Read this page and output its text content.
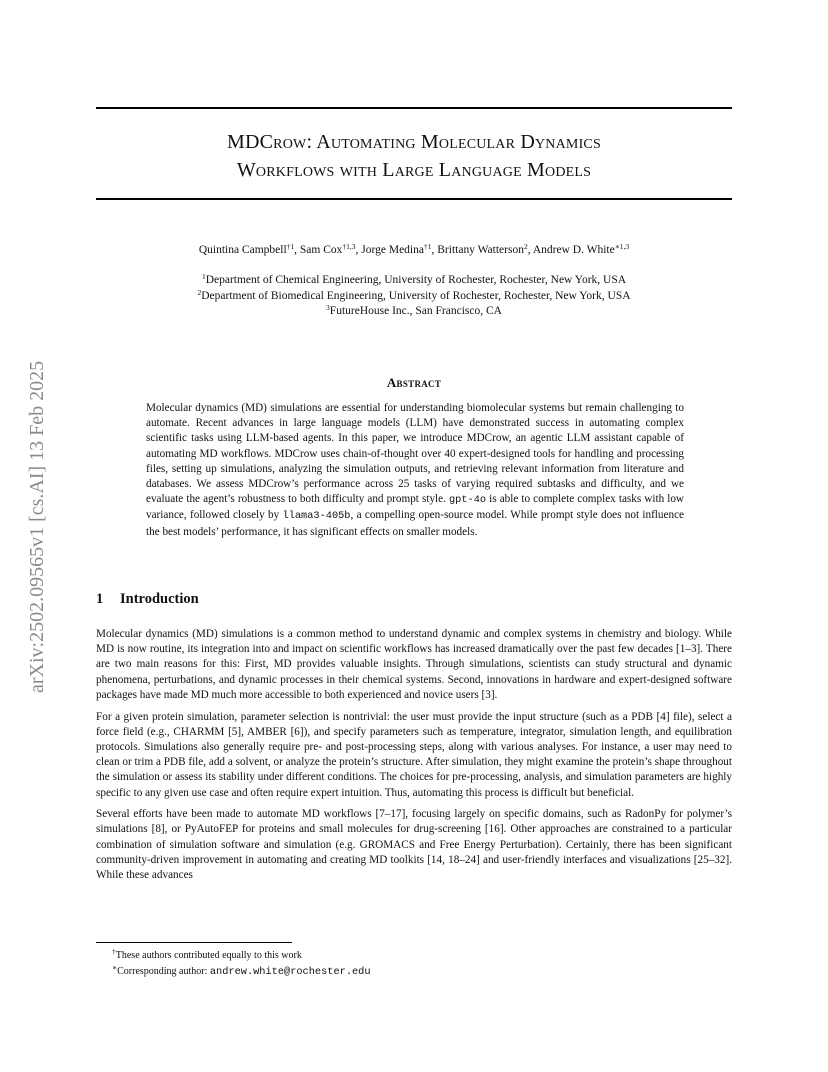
arXiv:2502.09565v1 [cs.AI] 13 Feb 2025
MDCrow: Automating Molecular Dynamics
Workflows with Large Language Models
Quintina Campbell$^{\dagger 1}$, Sam Cox$^{\dagger 1,3}$, Jorge Medina$^{\dagger 1}$, Brittany Watterson$^2$, Andrew D. White$^{∗1,3}$
$^1$Department of Chemical Engineering, University of Rochester, Rochester, New York, USA
$^2$Department of Biomedical Engineering, University of Rochester, Rochester, New York, USA
$^3$FutureHouse Inc., San Francisco, CA
Abstract
Molecular dynamics (MD) simulations are essential for understanding biomolecular systems but remain challenging to automate. Recent advances in large language models (LLM) have demonstrated success in automating complex scientific tasks using LLM-based agents. In this paper, we introduce MDCrow, an agentic LLM assistant capable of automating MD workflows. MDCrow uses chain-of-thought over 40 expert-designed tools for handling and processing files, setting up simulations, analyzing the simulation outputs, and retrieving relevant information from literature and databases. We assess MDCrow’s performance across 25 tasks of varying required subtasks and difficulty, and we evaluate the agent’s robustness to both difficulty and prompt style. gpt-4o is able to complete complex tasks with low variance, followed closely by llama3-405b, a compelling open-source model. While prompt style does not influence the best models’ performance, it has significant effects on smaller models.
1 Introduction

Molecular dynamics (MD) simulations is a common method to understand dynamic and complex systems in chemistry and biology. While MD is now routine, its integration into and impact on scientific workflows has increased dramatically over the past few decades [1–3]. There are two main reasons for this: First, MD provides valuable insights. Through simulations, scientists can study structural and dynamic phenomena, perturbations, and dynamic processes in their chemical systems. Second, innovations in hardware and expert-designed software packages have made MD much more accessible to both experienced and novice users [3].

For a given protein simulation, parameter selection is nontrivial: the user must provide the input structure (such as a PDB [4] file), select a force field (e.g., CHARMM [5], AMBER [6]), and specify parameters such as temperature, integrator, simulation length, and equilibration protocols. Simulations also generally require pre- and post-processing steps, along with various analyses. For instance, a user may need to clean or trim a PDB file, add a solvent, or analyze the protein’s structure. After simulation, they might examine the protein’s shape throughout the simulation or assess its stability under different conditions. The choices for pre-processing, analysis, and simulation parameters are highly specific to any given use case and often require expert intuition. Thus, automating this process is difficult but beneficial.

Several efforts have been made to automate MD workflows [7–17], focusing largely on specific domains, such as RadonPy for polymer’s simulations [8], or PyAutoFEP for proteins and small molecules for drug-screening [16]. Other approaches are constrained to a particular combination of simulation software and simulation (e.g. GROMACS and Free Energy Perturbation). Certainly, there has been significant community-driven improvement in automating and creating MD toolkits [14, 18–24] and user-friendly interfaces and visualizations [25–32]. While these advances

†These authors contributed equally to this work
∗Corresponding author: andrew.white@rochester.edu
